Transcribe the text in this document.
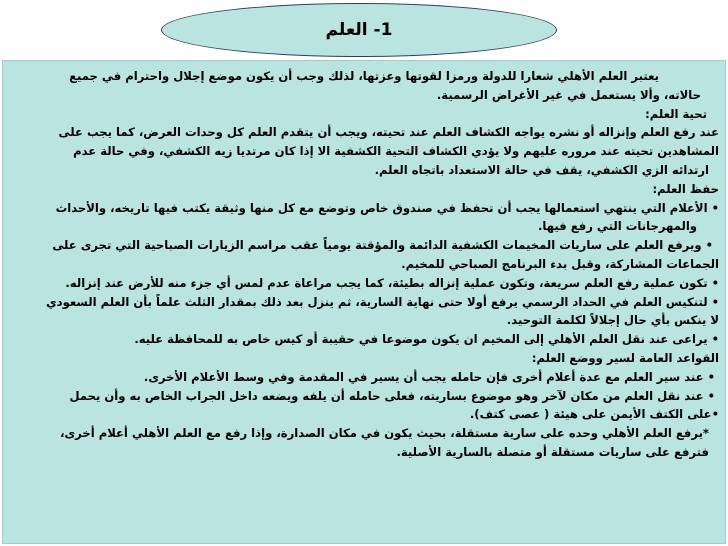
1- العلم
يعتبر العلم الأهلي شعارا للدولة ورمزا لقوتها وعزتها، لذلك وجب أن يكون موضع إجلال واحترام في جميع
حالاته، وألا يستعمل في غير الأغراض الرسمية.
تحية العلم:
عند رفع العلم وإنزاله أو نشره يواجه الكشاف العلم عند تحيته، ويجب أن يتقدم العلم كل وحدات العرض، كما يجب على
المشاهدين تحيته عند مروره عليهم ولا يؤدي الكشاف التحية الكشفية الا إذا كان مرتديا زيه الكشفي، وفي حالة عدم
ارتدائه الزي الكشفي، يقف في حالة الاستعداد باتجاه العلم.
حفظ العلم:
• الأعلام التي ينتهي استعمالها يجب أن تحفظ في صندوق خاص وتوضع مع كل منها وثيقة يكتب فيها تاريخه، والأحداث
والمهرجانات التي رفع فيها.
• ويرفع العلم على ساريات المخيمات الكشفية الدائمة والمؤقتة يومياً عقب مراسم الزيارات الصباحية التي تجرى على
الجماعات المشاركة، وقبل بدء البرنامج الصباحي للمخيم.
• تكون عملية رفع العلم سريعة، وتكون عملية إنزاله بطيئة، كما يجب مراعاة عدم لمس أي جزء منه للأرض عند إنزاله.
• لتنكيس العلم في الحداد الرسمي يرفع أولا حتى نهاية السارية، ثم ينزل بعد ذلك بمقدار الثلث علماً بأن العلم السعودي
لا ينكس بأي حال إجلالاً لكلمة التوحيد.
• يراعى عند نقل العلم الأهلي إلى المخيم ان يكون موضوعا في حقيبة أو كيس خاص به للمحافظة عليه.
القواعد العامة لسير ووضع العلم:
• عند سير العلم مع عدة أعلام أخرى فإن حامله يجب أن يسير في المقدمة وفي وسط الأعلام الأخرى.
• عند نقل العلم من مكان لآخر وهو موضوع بساريته، فعلى حامله أن يلفه ويضعه داخل الجراب الخاص به وأن يحمل
•على الكتف الأيمن على هيئة ( عصى كتف).
*يرفع العلم الأهلي وحده على سارية مستقلة، بحيث يكون في مكان الصدارة، وإذا رفع مع العلم الأهلي أعلام أخرى،
فترفع على ساريات مستقلة أو متصلة بالسارية الأصلية.
